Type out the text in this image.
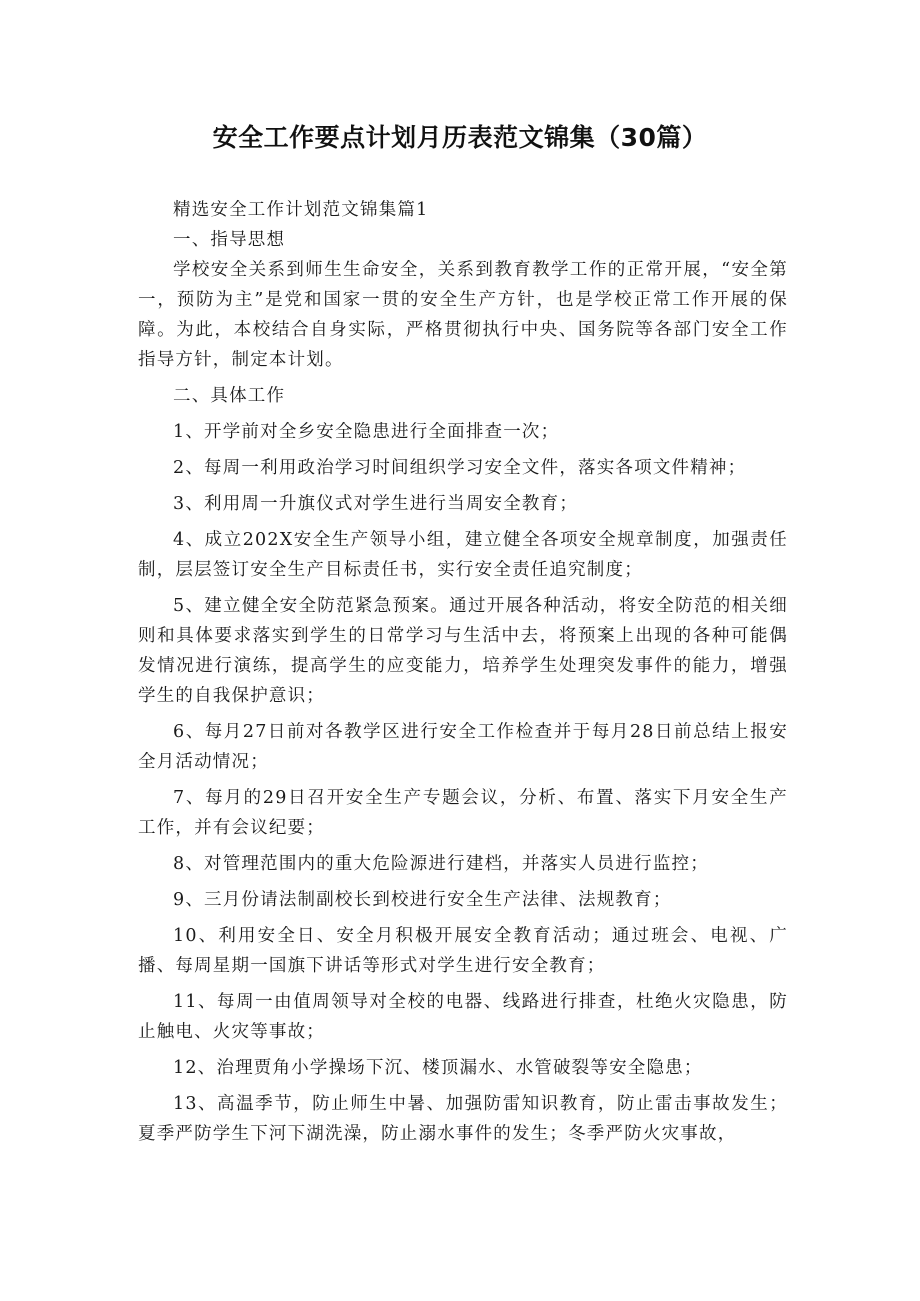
安全工作要点计划月历表范文锦集（30篇）

精选安全工作计划范文锦集篇1

一、指导思想

学校安全关系到师生生命安全，关系到教育教学工作的正常开展，“安全第一，预防为主”是党和国家一贯的安全生产方针，也是学校正常工作开展的保障。为此，本校结合自身实际，严格贯彻执行中央、国务院等各部门安全工作指导方针，制定本计划。

二、具体工作

1、开学前对全乡安全隐患进行全面排查一次；

2、每周一利用政治学习时间组织学习安全文件，落实各项文件精神；

3、利用周一升旗仪式对学生进行当周安全教育；

4、成立202X安全生产领导小组，建立健全各项安全规章制度，加强责任制，层层签订安全生产目标责任书，实行安全责任追究制度；

5、建立健全安全防范紧急预案。通过开展各种活动，将安全防范的相关细则和具体要求落实到学生的日常学习与生活中去，将预案上出现的各种可能偶发情况进行演练，提高学生的应变能力，培养学生处理突发事件的能力，增强学生的自我保护意识；

6、每月27日前对各教学区进行安全工作检查并于每月28日前总结上报安全月活动情况；

7、每月的29日召开安全生产专题会议，分析、布置、落实下月安全生产工作，并有会议纪要；

8、对管理范围内的重大危险源进行建档，并落实人员进行监控；

9、三月份请法制副校长到校进行安全生产法律、法规教育；

10、利用安全日、安全月积极开展安全教育活动；通过班会、电视、广播、每周星期一国旗下讲话等形式对学生进行安全教育；

11、每周一由值周领导对全校的电器、线路进行排查，杜绝火灾隐患，防止触电、火灾等事故；

12、治理贾角小学操场下沉、楼顶漏水、水管破裂等安全隐患；

13、高温季节，防止师生中暑、加强防雷知识教育，防止雷击事故发生；夏季严防学生下河下湖洗澡，防止溺水事件的发生；冬季严防火灾事故，
